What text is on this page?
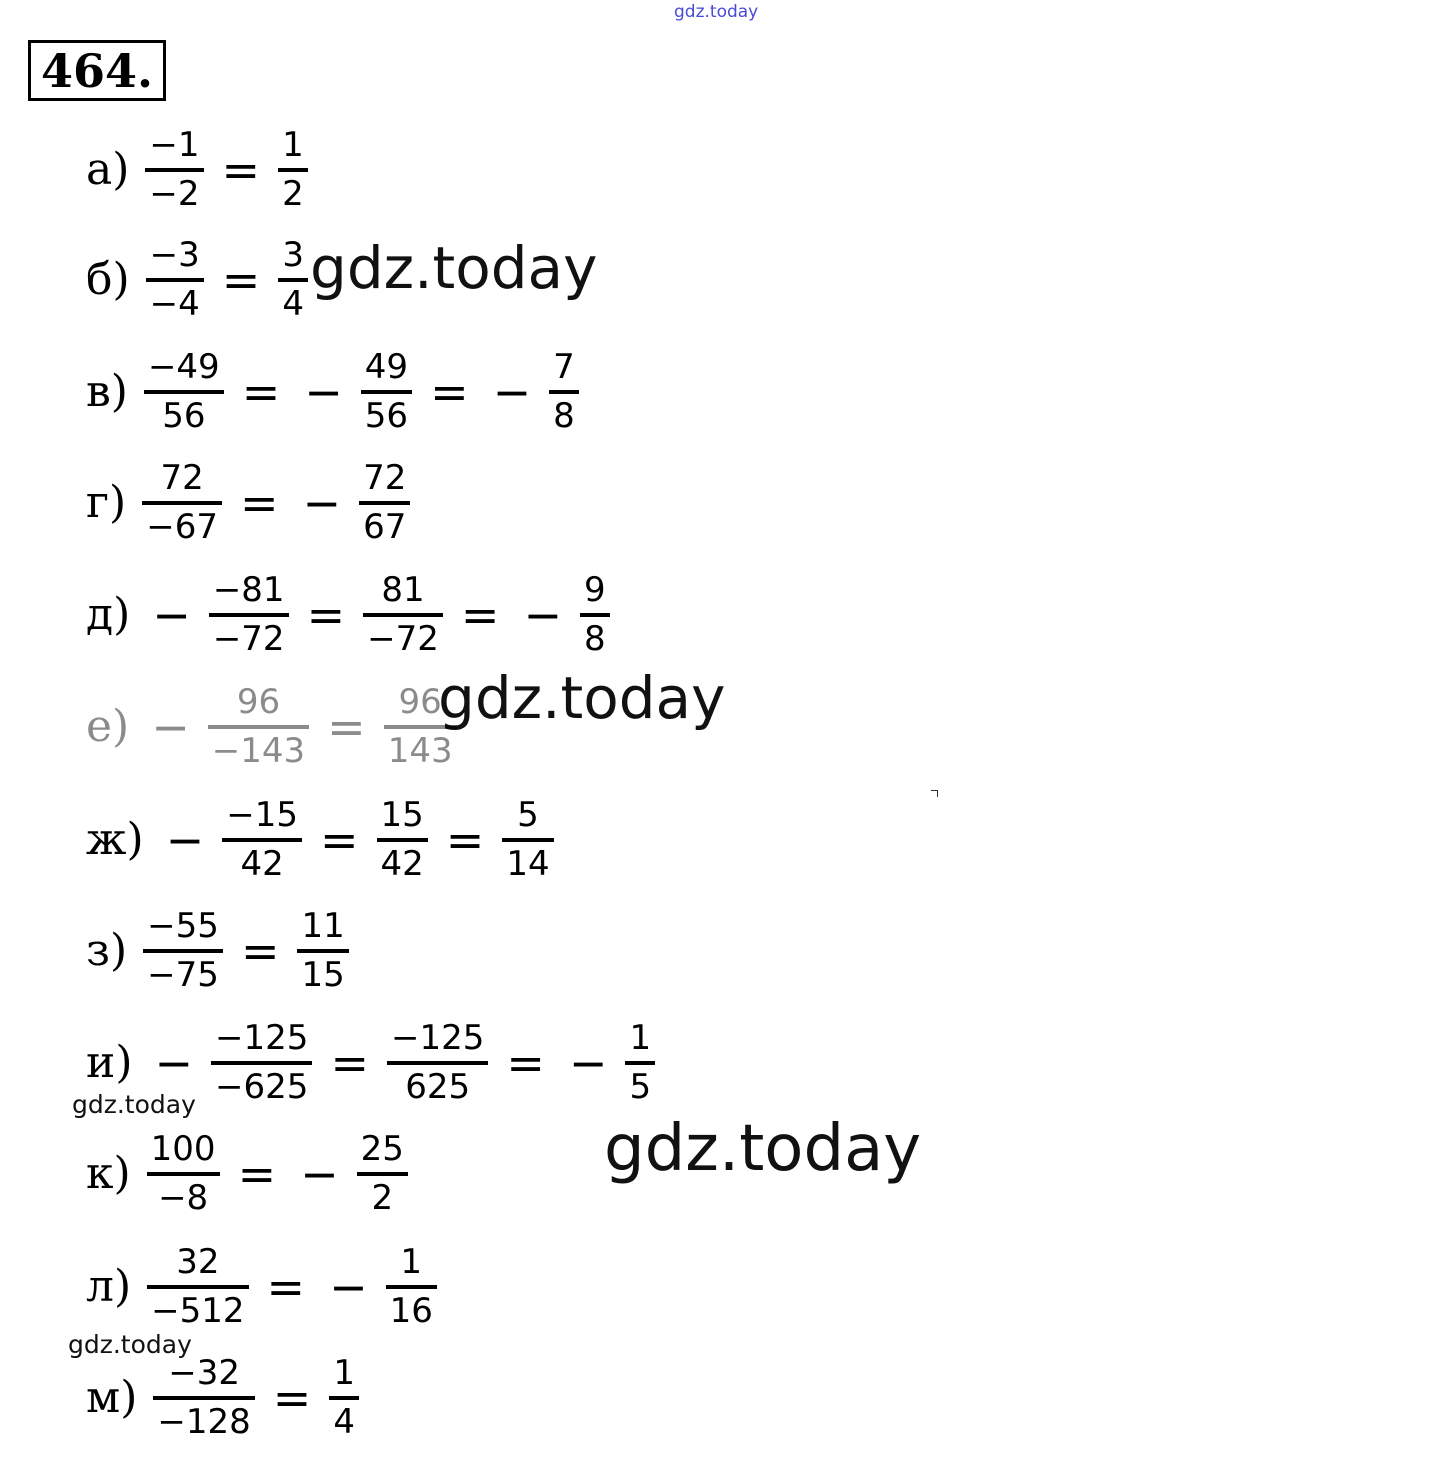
gdz.today
gdz.today
gdz.today
gdz.today
gdz.today
gdz.today
464.
$а) \frac{-1}{-2} = \frac{1}{2}$
$б) \frac{-3}{-4} = \frac{3}{4}$
$в) \frac{-49}{56}$ = − $\frac{49}{56}$ = − $\frac{7}{8}$
$г) \frac{72}{-67}$ = − $\frac{72}{67}$
$д) - \frac{-81}{-72} = \frac{81}{-72}$ = − $\frac{9}{8}$
$е) - \frac{96}{-143} = \frac{96}{143}$
$ж) - \frac{-15}{42} = \frac{15}{42} = \frac{5}{14}$
$з) \frac{-55}{-75} = \frac{11}{15}$
$и) - \frac{-125}{-625} = \frac{-125}{625}$ = − $\frac{1}{5}$
$к) \frac{100}{-8}$ = − $\frac{25}{2}$
$л) \frac{32}{-512}$ = − $\frac{1}{16}$
$м) \frac{-32}{-128} = \frac{1}{4}$
